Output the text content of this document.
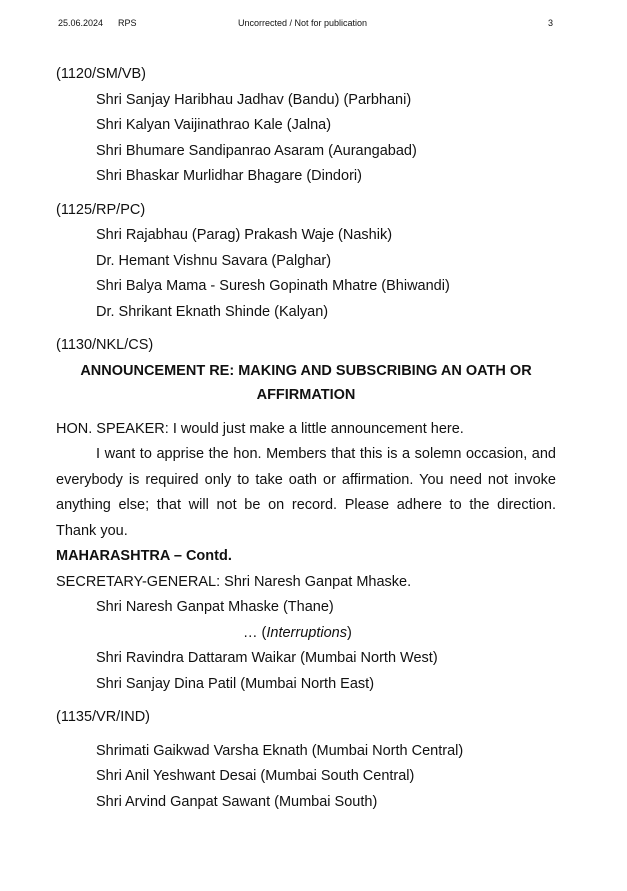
25.06.2024 RPS	Uncorrected / Not for publication	3

(1120/SM/VB)

Shri Sanjay Haribhau Jadhav (Bandu) (Parbhani)

Shri Kalyan Vaijinathrao Kale (Jalna)

Shri Bhumare Sandipanrao Asaram (Aurangabad)

Shri Bhaskar Murlidhar Bhagare (Dindori)

(1125/RP/PC)

Shri Rajabhau (Parag) Prakash Waje (Nashik)

Dr. Hemant Vishnu Savara (Palghar)

Shri Balya Mama - Suresh Gopinath Mhatre (Bhiwandi)

Dr. Shrikant Eknath Shinde (Kalyan)

(1130/NKL/CS)

ANNOUNCEMENT RE: MAKING AND SUBSCRIBING AN OATH OR

AFFIRMATION

HON. SPEAKER: I would just make a little announcement here.

I want to apprise the hon. Members that this is a solemn occasion, and everybody is required only to take oath or affirmation. You need not invoke anything else; that will not be on record. Please adhere to the direction. Thank you.

MAHARASHTRA – Contd.

SECRETARY-GENERAL: Shri Naresh Ganpat Mhaske.

Shri Naresh Ganpat Mhaske (Thane)

… (Interruptions)

Shri Ravindra Dattaram Waikar (Mumbai North West)

Shri Sanjay Dina Patil (Mumbai North East)

(1135/VR/IND)

Shrimati Gaikwad Varsha Eknath (Mumbai North Central)

Shri Anil Yeshwant Desai (Mumbai South Central)

Shri Arvind Ganpat Sawant (Mumbai South)
